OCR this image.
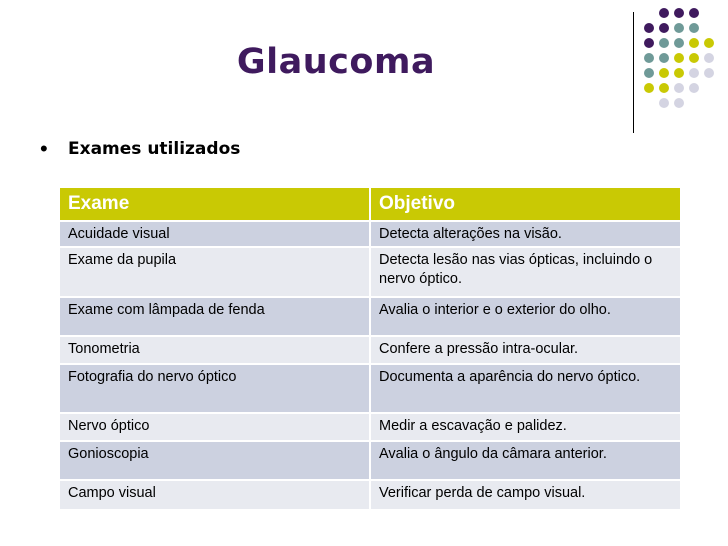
Glaucoma
•	Exames utilizados
Exame	Objetivo
Acuidade visual	Detecta alterações na visão.
Exame da pupila	Detecta lesão nas vias ópticas, incluindo o nervo óptico.
Exame com lâmpada de fenda	Avalia o interior e o exterior do olho.
Tonometria	Confere a pressão intra-ocular.
Fotografia do nervo óptico	Documenta a aparência do nervo óptico.
Nervo óptico	Medir a escavação e palidez.
Gonioscopia	Avalia o ângulo da câmara anterior.
Campo visual	Verificar perda de campo visual.
